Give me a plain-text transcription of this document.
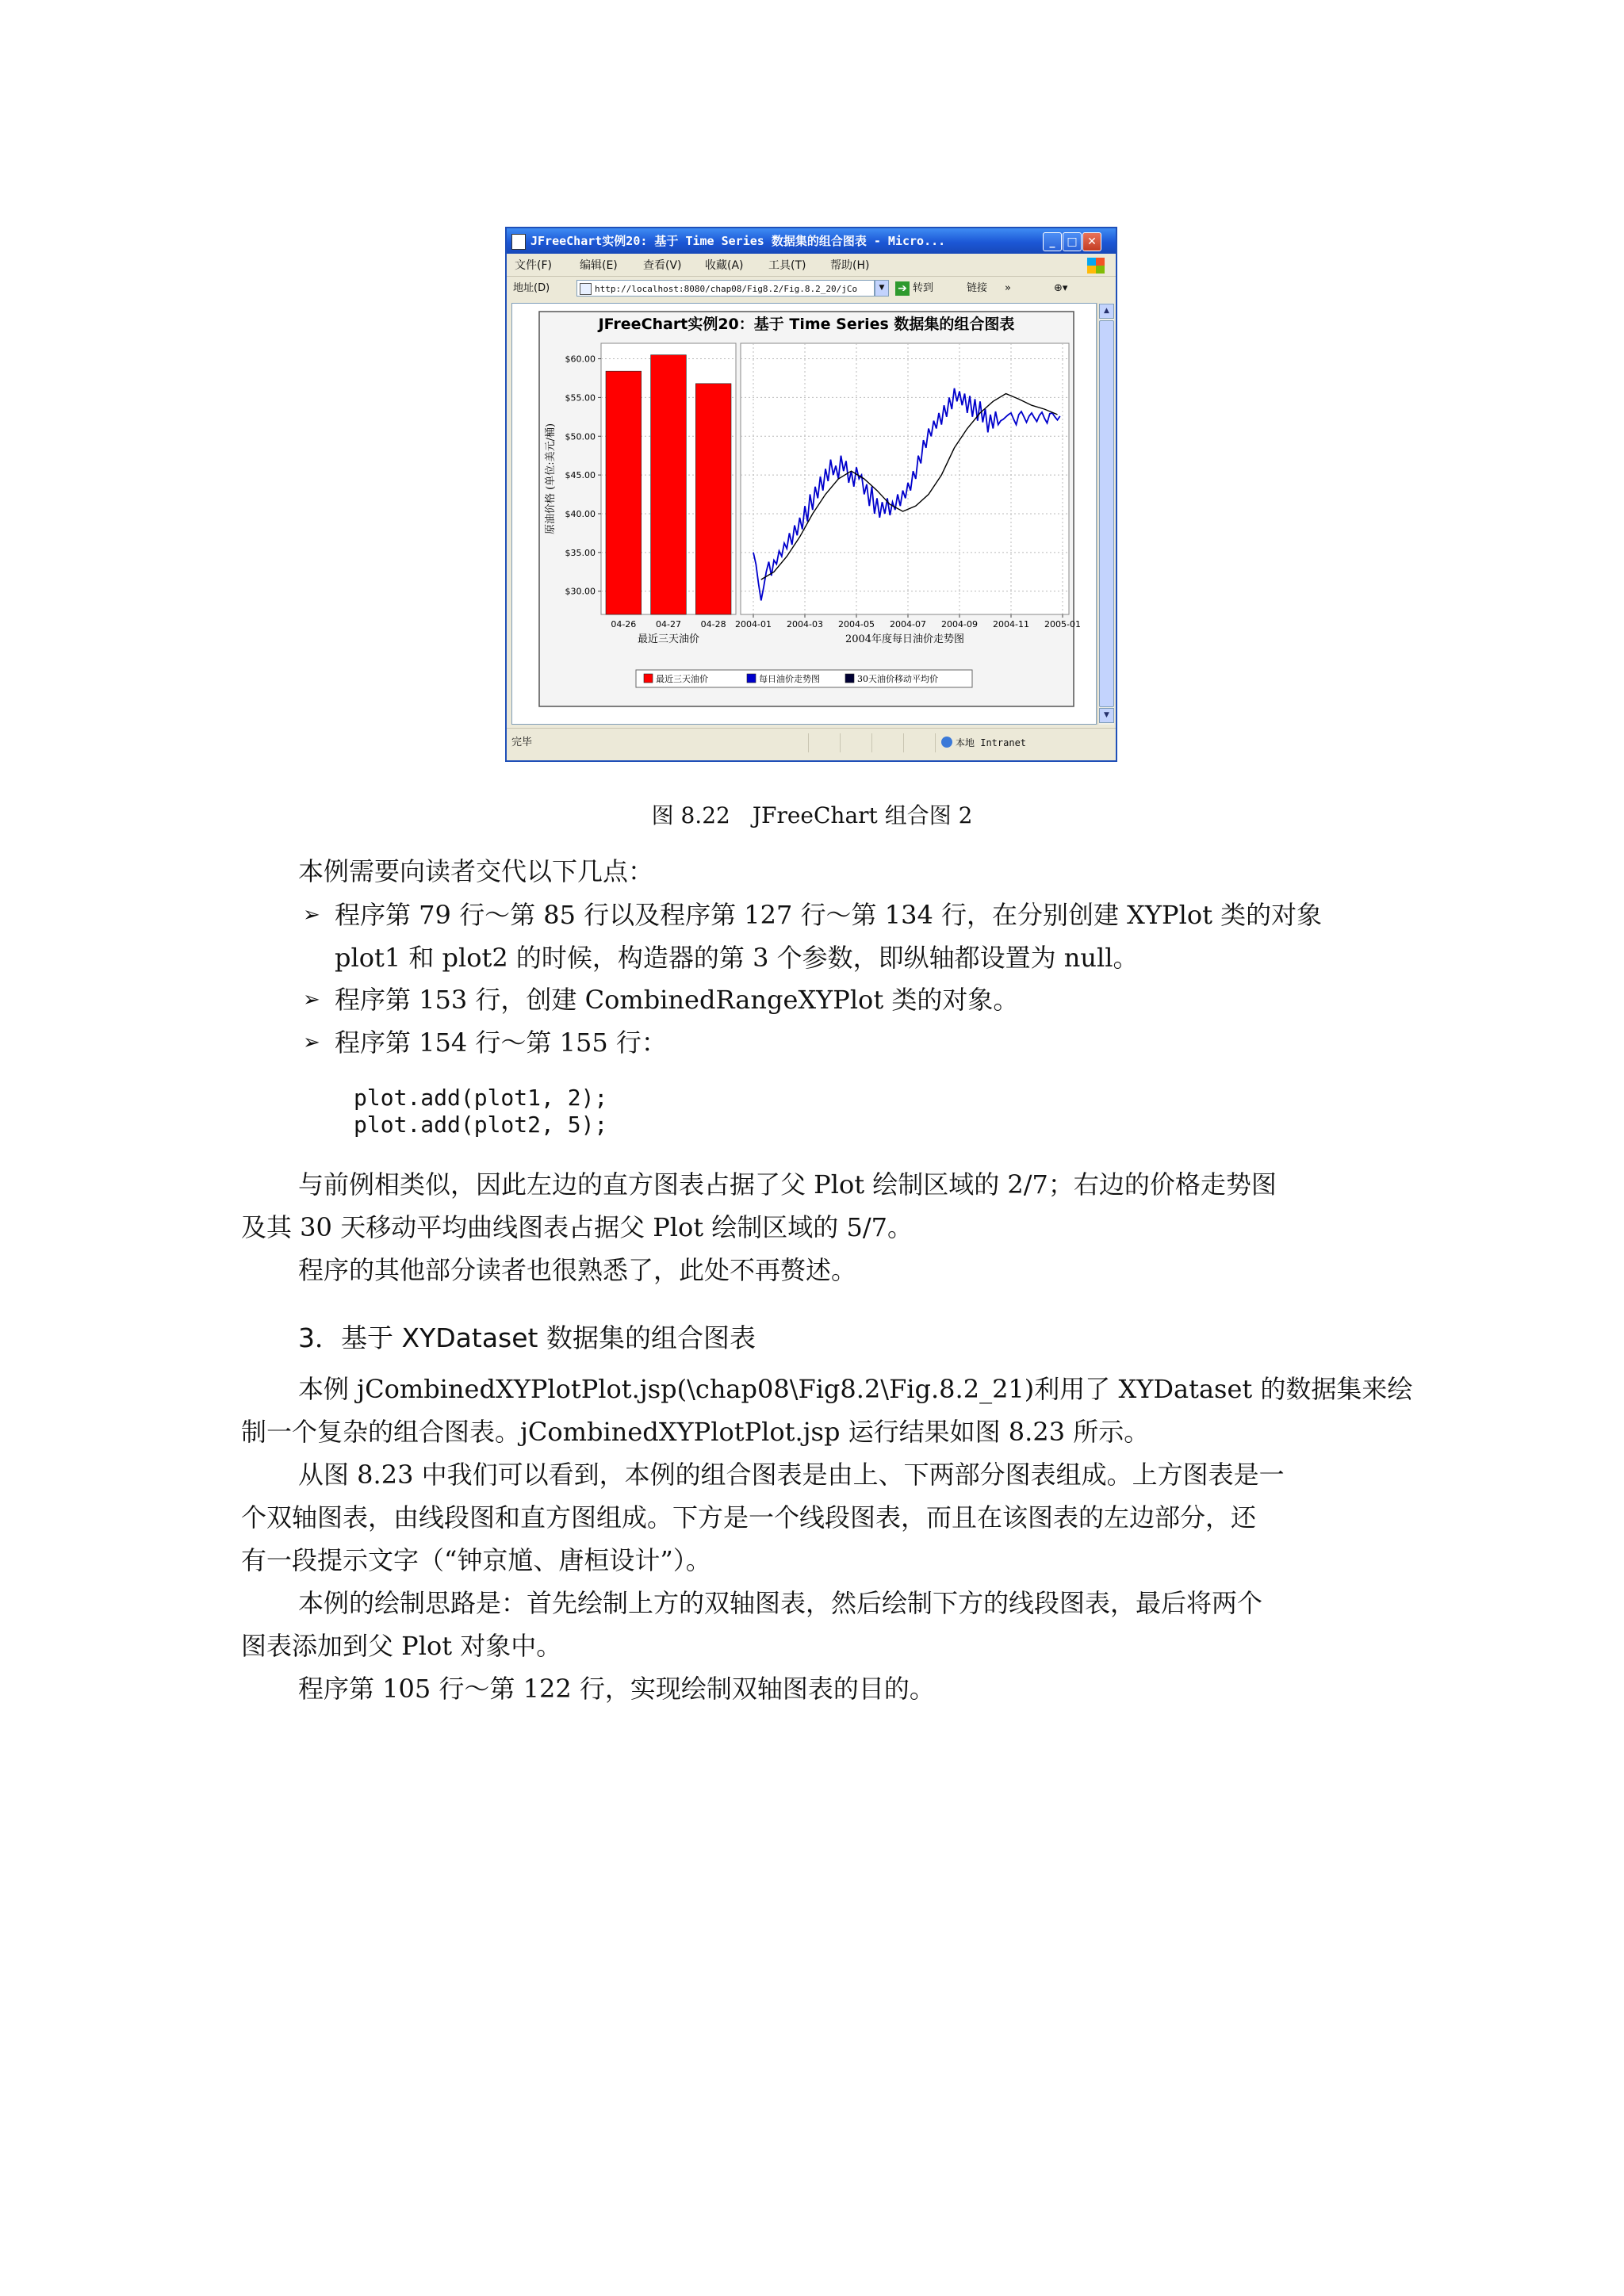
JFreeChart实例20: 基于 Time Series 数据集的组合图表 - Micro...	_	□ ✕
文件(F)	编辑(E) 查看(V) 收藏(A) 工具(T) 帮助(H)
地址(D)	http://localhost:8080/chap08/Fig8.2/Fig.8.2_20/jCo	▼	➔ 转到	链接 »	⊕▾
JFreeChart实例20：基于 Time Series 数据集的组合图表
$30.00
$35.00
$40.00
$45.00
$50.00
$55.00
$60.00
原油价格 (单位:美元/桶)
04-26 04-27 04-28
最近三天油价
2004-01 2004-03 2004-05 2004-07 2004-09 2004-11 2005-01
2004年度每日油价走势图
最近三天油价	每日油价走势图	30天油价移动平均价
▲
▼
完毕	本地 Intranet
图 8.22　JFreeChart 组合图 2
本例需要向读者交代以下几点：
➢ 程序第 79 行～第 85 行以及程序第 127 行～第 134 行，在分别创建 XYPlot 类的对象
plot1 和 plot2 的时候，构造器的第 3 个参数，即纵轴都设置为 null。
➢ 程序第 153 行，创建 CombinedRangeXYPlot 类的对象。
➢ 程序第 154 行～第 155 行：
plot.add(plot1, 2);
plot.add(plot2, 5);
与前例相类似，因此左边的直方图表占据了父 Plot 绘制区域的 2/7；右边的价格走势图
及其 30 天移动平均曲线图表占据父 Plot 绘制区域的 5/7。
程序的其他部分读者也很熟悉了，此处不再赘述。
3．基于 XYDataset 数据集的组合图表
本例 jCombinedXYPlotPlot.jsp(\chap08\Fig8.2\Fig.8.2_21)利用了 XYDataset 的数据集来绘
制一个复杂的组合图表。jCombinedXYPlotPlot.jsp 运行结果如图 8.23 所示。
从图 8.23 中我们可以看到，本例的组合图表是由上、下两部分图表组成。上方图表是一
个双轴图表，由线段图和直方图组成。下方是一个线段图表，而且在该图表的左边部分，还
有一段提示文字（“钟京馗、唐桓设计”）。
本例的绘制思路是：首先绘制上方的双轴图表，然后绘制下方的线段图表，最后将两个
图表添加到父 Plot 对象中。
程序第 105 行～第 122 行，实现绘制双轴图表的目的。
